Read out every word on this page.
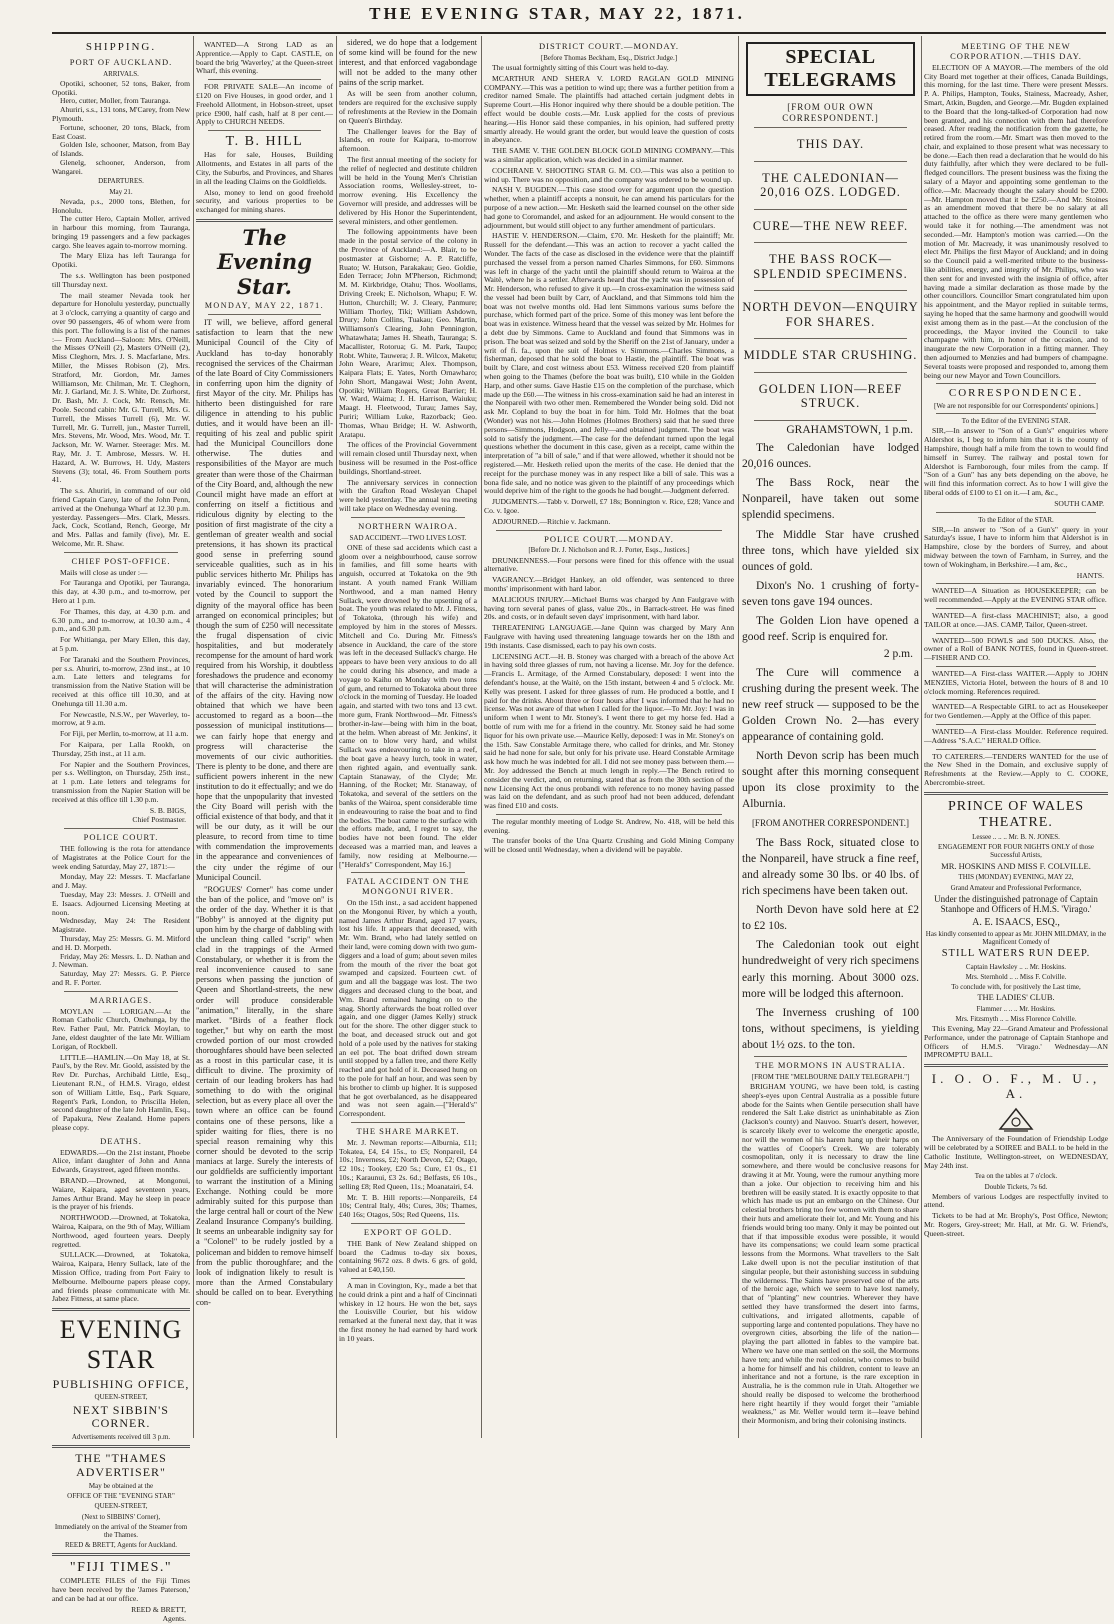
THE EVENING STAR, MAY 22, 1871.
SHIPPING.
PORT OF AUCKLAND.
ARRIVALS.

Opotiki, schooner, 52 tons, Baker, from Opotiki.

Hero, cutter, Moller, from Tauranga.

Ahuriri, s.s., 131 tons, M'Carey, from New Plymouth.

Fortune, schooner, 20 tons, Black, from East Coast.

Golden Isle, schooner, Matson, from Bay of Islands.

Glenelg, schooner, Anderson, from Wangarei.

DEPARTURES.
May 21.

Nevada, p.s., 2000 tons, Blethen, for Honolulu.

The cutter Hero, Captain Moller, arrived in harbour this morning, from Tauranga, bringing 19 passengers and a few packages cargo. She leaves again to-morrow morning.

The Mary Eliza has left Tauranga for Opotiki.

The s.s. Wellington has been postponed till Thursday next.

The mail steamer Nevada took her departure for Honolulu yesterday, punctually at 3 o'clock, carrying a quantity of cargo and over 90 passengers, 46 of whom were from this port. The following is a list of the names :— From Auckland—Saloon: Mrs. O'Neill, the Misses O'Neill (2), Masters O'Neill (2), Miss Cleghorn, Mrs. J. S. Macfarlane, Mrs. Miller, the Misses Robison (2), Mrs. Stratford, Mr. Gordon, Mr. James Williamson, Mr. Chilman, Mr. T. Cleghorn, Mr. J. Garland, Mr. J. S. White, Dr. Zurhorst, Dr. Bash, Mr. J. Cock, Mr. Rensch, Mr. Poole. Second cabin: Mr. G. Turrell, Mrs. G. Turrell, the Misses Turrell (6), Mr. W. Turrell, Mr. G. Turrell, jun., Master Turrell, Mrs. Stevens, Mr. Wood, Mrs. Wood, Mr. T. Jackson, Mr. W. Warner. Steerage: Mrs. M. Ray, Mr. J. T. Ambrose, Messrs. W. H. Hazard, A. W. Burrows, H. Udy, Masters Stevens (3); total, 46. From Southern ports 41.

The s.s. Ahuriri, in command of our old friend Captain Carey, late of the John Penn, arrived at the Onehunga Wharf at 12.30 p.m. yesterday. Passengers—Mrs. Clark, Messrs. Jack, Cock, Scotland, Rench, George, Mr and Mrs. Pallas and family (five), Mr. E. Welcome, Mr. R. Shaw.

CHIEF POST-OFFICE.

Mails will close as under :—

For Tauranga and Opotiki, per Tauranga, this day, at 4.30 p.m., and to-morrow, per Hero at 1 p.m.

For Thames, this day, at 4.30 p.m. and 6.30 p.m., and to-morrow, at 10.30 a.m., 4 p.m., and 6.30 p.m.

For Whitianga, per Mary Ellen, this day, at 5 p.m.

For Taranaki and the Southern Provinces, per s.s. Ahuriri, to-morrow, 23nd inst., at 10 a.m. Late letters and telegrams for transmission from the Native Station will be received at this office till 10.30, and at Onehunga till 11.30 a.m.

For Newcastle, N.S.W., per Waverley, to-morrow, at 9 a.m.

For Fiji, per Merlin, to-morrow, at 11 a.m.

For Kaipara, per Lalla Rookh, on Thursday, 25th inst., at 11 a.m.

For Napier and the Southern Provinces, per s.s. Wellington, on Thursday, 25th inst., at 1 p.m. Late letters and telegrams for transmission from the Napier Station will be received at this office till 1.30 p.m.

S. B. BIGS,
Chief Postmaster.
POLICE COURT.

THE following is the rota for attendance of Magistrates at the Police Court for the week ending Saturday, May 27, 1871:—

Monday, May 22: Messrs. T. Macfarlane and J. May.

Tuesday, May 23: Messrs. J. O'Neill and E. Isaacs. Adjourned Licensing Meeting at noon.

Wednesday, May 24: The Resident Magistrate.

Thursday, May 25: Messrs. G. M. Mitford and H. D. Morpeth.

Friday, May 26: Messrs. L. D. Nathan and J. Newman.

Saturday, May 27: Messrs. G. P. Pierce and R. F. Porter.

MARRIAGES.

MOYLAN — LORIGAN.—At the Roman Catholic Church, Onehunga, by the Rev. Father Paul, Mr. Patrick Moylan, to Jane, eldest daughter of the late Mr. William Lorigan, of Rockbell.

LITTLE—HAMLIN.—On May 18, at St. Paul's, by the Rev. Mr. Goold, assisted by the Rev Dr. Purchas, Archibald Little, Esq., Lieutenant R.N., of H.M.S. Virago, eldest son of William Little, Esq., Park Square, Regent's Park, London, to Priscilla Helen, second daughter of the late Joh Hamlin, Esq., of Papakura, New Zealand. Home papers please copy.

DEATHS.

EDWARDS.—On the 21st instant, Phoebe Alice, infant daughter of John and Anna Edwards, Graystreet, aged fifteen months.

BRAND.—Drowned, at Mongonui, Waiare, Kaipara, aged seventeen years, James Arthur Brand. May he sleep in peace is the prayer of his friends.

NORTHWOOD.—Drowned, at Tokatoka, Wairoa, Kaipara, on the 9th of May, William Northwood, aged fourteen years. Deeply regretted.

SULLACK.—Drowned, at Tokatoka, Wairoa, Kaipara, Henry Sullack, late of the Mission Office, trading from Port Fairy to Melbourne. Melbourne papers please copy, and friends please communicate with Mr. Jabez Fitness, at same place.

EVENING STAR
PUBLISHING OFFICE,
QUEEN-STREET,
NEXT SIBBIN'S CORNER.
Advertisements received till 3 p.m.
THE "THAMES ADVERTISER"
May be obtained at the
OFFICE OF THE "EVENING STAR"
QUEEN-STREET,
(Next to SIBBINS' Corner),
Immediately on the arrival of the Steamer from the Thames.
REED & BRETT, Agents for Auckland.
"FIJI TIMES."

COMPLETE FILES of the Fiji Times have been received by the 'James Paterson,' and can be had at our office.

REED & BRETT,
Agents.

WANTED—A Strong LAD as an Apprentice.—Apply to Capt. CASTLE, on board the brig 'Waverley,' at the Queen-street Wharf, this evening.

FOR PRIVATE SALE—An income of £120 on Five Houses, in good order, and 1 Freehold Allotment, in Hobson-street, upset price £900, half cash, half at 8 per cent.—Apply to CHURCH NEEDS.

T. B. HILL

Has for sale, Houses, Building Allotments, and Estates in all parts of the City, the Suburbs, and Provinces, and Shares in all the leading Claims on the Goldfields.

Also, money to lend on good freehold security, and various properties to be exchanged for mining shares.

The Evening Star.
MONDAY, MAY 22, 1871.

IT will, we believe, afford general satisfaction to learn that the new Municipal Council of the City of Auckland has to-day honorably recognised the services of the Chairman of the late Board of City Commissioners in conferring upon him the dignity of first Mayor of the city. Mr. Philips has hitherto been distinguished for rare diligence in attending to his public duties, and it would have been an ill-requiting of his zeal and public spirit had the Municipal Councillors done otherwise. The duties and responsibilities of the Mayor are much greater than were those of the Chairman of the City Board, and, although the new Council might have made an effort at conferring on itself a fictitious and ridiculous dignity by electing to the position of first magistrate of the city a gentleman of greater wealth and social pretensions, it has shown its practical good sense in preferring sound serviceable qualities, such as in his public services hitherto Mr. Philips has invariably evinced. The honorarium voted by the Council to support the dignity of the mayoral office has been arranged on economical principles; but though the sum of £250 will necessitate the frugal dispensation of civic hospitalities, and but moderately recompense for the amount of hard work required from his Worship, it doubtless foreshadows the prudence and economy that will characterise the administration of the affairs of the city. Having now obtained that which we have been accustomed to regard as a boon—the possession of municipal institutions—we can fairly hope that energy and progress will characterise the movements of our civic authorities. There is plenty to be done, and there are sufficient powers inherent in the new institution to do it effectually; and we do hope that the unpopularity that invested the City Board will perish with the official existence of that body, and that it will be our duty, as it will be our pleasure, to record from time to time with commendation the improvements in the appearance and conveniences of the city under the régime of our Municipal Council.

"ROGUES' Corner" has come under the ban of the police, and "move on" is the order of the day. Whether it is that "Bobby" is annoyed at the dignity put upon him by the charge of dabbling with the unclean thing called "scrip" when clad in the trappings of the Armed Constabulary, or whether it is from the real inconvenience caused to sane persons when passing the junction of Queen and Shortland-streets, the new order will produce considerable "animation," literally, in the share market. "Birds of a feather flock together," but why on earth the most crowded portion of our most crowded thoroughfares should have been selected as a roost in this particular case, it is difficult to divine. The proximity of certain of our leading brokers has had something to do with the original selection, but as every place all over the town where an office can be found contains one of these persons, like a spider waiting for flies, there is no special reason remaining why this corner should be devoted to the scrip maniacs at large. Surely the interests of our goldfields are sufficiently important to warrant the institution of a Mining Exchange. Nothing could be more admirably suited for this purpose than the large central hall or court of the New Zealand Insurance Company's building. It seems an unbearable indignity say for a "Colonel" to be rudely jostled by a policeman and bidden to remove himself from the public thoroughfare; and the look of indignation likely to result is more than the Armed Constabulary should be called on to bear. Everything con-

sidered, we do hope that a lodgement of some kind will be found for the new interest, and that enforced vagabondage will not be added to the many other pains of the scrip market.

As will be seen from another column, tenders are required for the exclusive supply of refreshments at the Review in the Domain on Queen's Birthday.

The Challenger leaves for the Bay of Islands, en route for Kaipara, to-morrow afternoon.

The first annual meeting of the society for the relief of neglected and destitute children will be held in the Young Men's Christian Association rooms, Wellesley-street, to-morrow evening. His Excellency the Governor will preside, and addresses will be delivered by His Honor the Superintendent, several ministers, and other gentlemen.

The following appointments have been made in the postal service of the colony in the Province of Auckland:—A. Blair, to be postmaster at Gisborne; A. P. Ratcliffe, Ruato; W. Hutson, Parakakau; Geo. Goldie, Eden Terrace; John M'Pherson, Richmond; M. M. Kirkbridge, Otahu; Thos. Woollams, Driving Creek; E. Nicholson, Whapu; F. W. Hutton, Churchill; W. J. Cleary, Panmure; William Thorley, Tiki; William Ashdown, Drury; John Collins, Tuakau; Geo. Martin, Williamson's Clearing, John Pennington, Whatawhata; James H. Sheath, Tauranga; S. Macallister, Rotorua; G. M. Park, Taupo; Robt. White, Tauwera; J. R. Wilcox, Maketu; John Weare, Ararimu; Alex. Thompson, Kaipara Flats; E. Yates, North Ornawharo; John Short, Mangawai West; John Avent, Opotiki; William Rogers, Great Barrier; H. W. Ward, Waima; J. H. Harrison, Waiuku; Maagt. H. Fleetwood, Turau; James Say, Puriri; William Luke, Razorback; Geo. Thomas, Whau Bridge; H. W. Ashworth, Aratapu.

The offices of the Provincial Government will remain closed until Thursday next, when business will be resumed in the Post-office buildings, Shortland-street.

The anniversary services in connection with the Grafton Road Wesleyan Chapel were held yesterday. The annual tea meeting will take place on Wednesday evening.

NORTHERN WAIROA.
SAD ACCIDENT.—TWO LIVES LOST.

ONE of these sad accidents which cast a gloom over a neighbourhood, cause sorrow in families, and fill some hearts with anguish, occurred at Tokatoka on the 9th instant. A youth named Frank William Northwood, and a man named Henry Sullack, were drowned by the upsetting of a boat. The youth was related to Mr. J. Fitness, of Tokatoka, (through his wife) and employed by him in the stores of Messrs. Mitchell and Co. During Mr. Fitness's absence in Auckland, the care of the store was left in the deceased Sullack's charge. He appears to have been very anxious to do all he could during his absence, and made a voyage to Kaihu on Monday with two tons of gum, and returned to Tokatoka about three o'clock in the morning of Tuesday. He loaded again, and started with two tons and 13 cwt. more gum, Frank Northwood—Mr. Fitness's brother-in-law—being with him in the boat, at the helm. When abreast of Mr. Jenkins', it came on to blow very hard, and whilst Sullack was endeavouring to take in a reef, the boat gave a heavy lurch, took in water, then righted again, and eventually sank. Captain Stanaway, of the Clyde; Mr. Hanning, of the Rocket; Mr. Stanaway, of Tokatoka, and several of the settlers on the banks of the Wairoa, spent considerable time in endeavouring to raise the boat and to find the bodies. The boat came to the surface with the efforts made, and, I regret to say, the bodies have not been found. The elder deceased was a married man, and leaves a family, now residing at Melbourne.—["Herald's" Correspondent, May 16.]

FATAL ACCIDENT ON THE MONGONUI RIVER.

On the 15th inst., a sad accident happened on the Mongonui River, by which a youth, named James Arthur Brand, aged 17 years, lost his life. It appears that deceased, with Mr. Wm. Brand, who had lately settled on their land, were coming down with two gum-diggers and a load of gum; about seven miles from the mouth of the river the boat got swamped and capsized. Fourteen cwt. of gum and all the baggage was lost. The two diggers and deceased clung to the boat, and Wm. Brand remained hanging on to the snag. Shortly afterwards the boat rolled over again, and one digger (James Kelly) struck out for the shore. The other digger stuck to the boat, and deceased struck out and got hold of a pole used by the natives for staking an eel pot. The boat drifted down stream until stopped by a fallen tree, and there Kelly reached and got hold of it. Deceased hung on to the pole for half an hour, and was seen by his brother to climb up higher. It is supposed that he got overbalanced, as he disappeared and was not seen again.—["Herald's" Correspondent.

THE SHARE MARKET.

Mr. J. Newman reports:—Alburnia, £11; Tokatea, £4, £4 15s., to £5; Nonpareil, £4 10s.; Inverness, £2; North Devon, £2; Otago, £2 10s.; Tookey, £20 5s.; Cure, £1 0s., £1 10s.; Karaunui, £3 2s. 6d.; Belfasts, £6 10s., selling £8; Red Queen, 11s.; Moanatairi, £4.

Mr. T. B. Hill reports:—Nonpareils, £4 10s; Central Italy, 40s; Cures, 30s; Thames, £40 16s; Otagos, 50s; Red Queens, 11s.

EXPORT OF GOLD.

THE Bank of New Zealand shipped on board the Cadmus to-day six boxes, containing 9672 ozs. 8 dwts. 6 grs. of gold, valued at £40,150.

A man in Covington, Ky., made a bet that he could drink a pint and a half of Cincinnati whiskey in 12 hours. He won the bet, says the Louisville Courier, but his widow remarked at the funeral next day, that it was the first money he had earned by hard work in 10 years.

DISTRICT COURT.—MONDAY.
[Before Thomas Beckham, Esq., District Judge.]

The usual fortnightly sitting of this Court was held to-day.

MCARTHUR AND SHERA V. LORD RAGLAN GOLD MINING COMPANY.—This was a petition to wind up; there was a further petition from a creditor named Smale. The plaintiffs had attached certain judgment debts in Supreme Court.—His Honor inquired why there should be a double petition. The effect would be double costs.—Mr. Lusk applied for the costs of previous hearing.—His Honor said these companies, in his opinion, had suffered pretty smartly already. He would grant the order, but would leave the question of costs in abeyance.

THE SAME V. THE GOLDEN BLOCK GOLD MINING COMPANY.—This was a similar application, which was decided in a similar manner.

COCHRANE V. SHOOTING STAR G. M. CO.—This was also a petition to wind up. There was no opposition, and the company was ordered to be wound up.

NASH V. BUGDEN.—This case stood over for argument upon the question whether, when a plaintiff accepts a nonsuit, he can amend his particulars for the purpose of a new action.—Mr. Hesketh said the learned counsel on the other side had gone to Coromandel, and asked for an adjournment. He would consent to the adjournment, but would still object to any further amendment of particulars.

HASTIE V. HENDERSON.—Claim, £70. Mr. Hesketh for the plaintiff; Mr. Russell for the defendant.—This was an action to recover a yacht called the Wonder. The facts of the case as disclosed in the evidence were that the plaintiff purchased the vessel from a person named Charles Simmons, for £60. Simmons was left in charge of the yacht until the plaintiff should return to Wairoa at the Waitè, where he is a settler. Afterwards heard that the yacht was in possession of Mr. Henderson, who refused to give it up.—In cross-examination the witness said the vessel had been built by Carr, of Auckland, and that Simmons told him the boat was not twelve months old. Had lent Simmons various sums before the purchase, which formed part of the price. Some of this money was lent before the boat was in existence. Witness heard that the vessel was seized by Mr. Holmes for a debt due by Simmons. Came to Auckland and found that Simmons was in prison. The boat was seized and sold by the Sheriff on the 21st of January, under a writ of fi. fa., upon the suit of Holmes v. Simmons.—Charles Simmons, a fisherman, deposed that he sold the boat to Hastie, the plaintiff. The boat was built by Clare, and cost witness about £53. Witness received £20 from plaintiff when going to the Thames (before the boat was built), £10 while in the Golden Harp, and other sums. Gave Hastie £15 on the completion of the purchase, which made up the £60.—The witness in his cross-examination said he had an interest in the Nonpareil with two other men. Remembered the Wonder being sold. Did not ask Mr. Copland to buy the boat in for him. Told Mr. Holmes that the boat (Wonder) was not his.—John Holmes (Holmes Brothers) said that he sued three persons—Simmons, Hodgson, and Jelly—and obtained judgment. The boat was sold to satisfy the judgment.—The case for the defendant turned upon the legal questions whether the document in this case, given as a receipt, came within the interpretation of "a bill of sale," and if that were allowed, whether it should not be registered.—Mr. Hesketh relied upon the merits of the case. He denied that the receipt for the purchase money was in any respect like a bill of sale. This was a bona fide sale, and no notice was given to the plaintiff of any proceedings which would deprive him of the right to the goods he had bought.—Judgment deferred.

JUDGMENTS.—Tabb v. Dorwell, £7 18s; Bonnington v. Rice, £28; Vance and Co. v. Igoe.

ADJOURNED.—Ritchie v. Jackmann.

POLICE COURT.—MONDAY.
[Before Dr. J. Nicholson and R. J. Porter, Esqs., Justices.]

DRUNKENNESS.—Four persons were fined for this offence with the usual alternative.

VAGRANCY.—Bridget Hankey, an old offender, was sentenced to three months' imprisonment with hard labor.

MALICIOUS INJURY.—Michael Burns was charged by Ann Faulgrave with having torn several panes of glass, value 20s., in Barrack-street. He was fined 20s. and costs, or in default seven days' imprisonment, with hard labor.

THREATENING LANGUAGE.—Jane Quinn was charged by Mary Ann Faulgrave with having used threatening language towards her on the 18th and 19th instants. Case dismissed, each to pay his own costs.

LICENSING ACT.—H. B. Stoney was charged with a breach of the above Act in having sold three glasses of rum, not having a license. Mr. Joy for the defence.—Francis L. Armitage, of the Armed Constabulary, deposed: I went into the defendant's house, at the Waitè, on the 15th instant, between 4 and 5 o'clock. Mr. Kelly was present. I asked for three glasses of rum. He produced a bottle, and I paid for the drinks. About three or four hours after I was informed that he had no license. Was not aware of that when I called for the liquor.—To Mr. Joy: I was in uniform when I went to Mr. Stoney's. I went there to get my horse fed. Had a bottle of rum with me for a friend in the country. Mr. Stoney said he had some liquor for his own private use.—Maurice Kelly, deposed: I was in Mr. Stoney's on the 15th. Saw Constable Armitage there, who called for drinks, and Mr. Stoney said he had none for sale, but only for his private use. Heard Constable Armitage ask how much he was indebted for all. I did not see money pass between them.—Mr. Joy addressed the Bench at much length in reply.—The Bench retired to consider the verdict, and, on returning, stated that as from the 30th section of the new Licensing Act the onus probandi with reference to no money having passed was laid on the defendant, and as such proof had not been adduced, defendant was fined £10 and costs.

The regular monthly meeting of Lodge St. Andrew, No. 418, will be held this evening.

The transfer books of the Una Quartz Crushing and Gold Mining Company will be closed until Wednesday, when a dividend will be payable.

SPECIAL TELEGRAMS
[FROM OUR OWN CORRESPONDENT.]
THIS DAY.
THE CALEDONIAN—20,016 OZS. LODGED.
CURE—THE NEW REEF.
THE BASS ROCK—SPLENDID SPECIMENS.
NORTH DEVON—ENQUIRY FOR SHARES.
MIDDLE STAR CRUSHING.
GOLDEN LION—REEF STRUCK.
GRAHAMSTOWN, 1 p.m.

The Caledonian have lodged 20,016 ounces.

The Bass Rock, near the Nonpareil, have taken out some splendid specimens.

The Middle Star have crushed three tons, which have yielded six ounces of gold.

Dixon's No. 1 crushing of forty-seven tons gave 194 ounces.

The Golden Lion have opened a good reef. Scrip is enquired for.

2 p.m.

The Cure will commence a crushing during the present week. The new reef struck — supposed to be the Golden Crown No. 2—has every appearance of containing gold.

North Devon scrip has been much sought after this morning consequent upon its close proximity to the Alburnia.

[FROM ANOTHER CORRESPONDENT.]

The Bass Rock, situated close to the Nonpareil, have struck a fine reef, and already some 30 lbs. or 40 lbs. of rich specimens have been taken out.

North Devon have sold here at £2 to £2 10s.

The Caledonian took out eight hundredweight of very rich specimens early this morning. About 3000 ozs. more will be lodged this afternoon.

The Inverness crushing of 100 tons, without specimens, is yielding about 1½ ozs. to the ton.

THE MORMONS IN AUSTRALIA.
[FROM THE "MELBOURNE DAILY TELEGRAPH."]

BRIGHAM YOUNG, we have been told, is casting sheep's-eyes upon Central Australia as a possible future abode for the Saints when Gentile persecution shall have rendered the Salt Lake district as uninhabitable as Zion (Jackson's county) and Nauvoo. Stuart's desert, however, is scarcely likely ever to welcome the energetic apostle, nor will the women of his harem hang up their harps on the wattles of Cooper's Creek. We are tolerably cosmopolitan, only it is necessary to draw the line somewhere, and there would be conclusive reasons for drawing it at Mr. Young, were the rumour anything more than a joke. Our objection to receiving him and his brethren will be easily stated. It is exactly opposite to that which has made us put an embargo on the Chinese. Our celestial brothers bring too few women with them to share their huts and ameliorate their lot, and Mr. Young and his friends would bring too many. Only it may be pointed out that if that impossible exodus were possible, it would have its compensations; we could learn some practical lessons from the Mormons. What travellers to the Salt Lake dwell upon is not the peculiar institution of that singular people, but their astonishing success in subduing the wilderness. The Saints have preserved one of the arts of the heroic age, which we seem to have lost namely, that of "planting" new countries. Wherever they have settled they have transformed the desert into farms, cultivations, and irrigated allotments, capable of supporting large and contented populations. They have no overgrown cities, absorbing the life of the nation—playing the part allotted in fables to the vampire bat. Where we have one man settled on the soil, the Mormons have ten; and while the real colonist, who comes to build a home for himself and his children, content to leave an inheritance and not a fortune, is the rare exception in Australia, he is the common rule in Utah. Altogether we should really be disposed to welcome the brotherhood here right heartily if they would forget their "amiable weakness," as Mr. Weller would term it—leave behind their Mormonism, and bring their colonising instincts.

MEETING OF THE NEW CORPORATION.—THIS DAY.

ELECTION OF A MAYOR.—The members of the old City Board met together at their offices, Canada Buildings, this morning, for the last time. There were present Messrs. P. A. Philips, Hampton, Touks, Stainess, Macready, Asher, Smart, Atkin, Bugden, and George.—Mr. Bugden explained to the Board that the long-talked-of Corporation had now been granted, and his connection with them had therefore ceased. After reading the notification from the gazette, he retired from the room.—Mr. Smart was then moved to the chair, and explained to those present what was necessary to be done.—Each then read a declaration that he would do his duty faithfully, after which they were declared to be full-fledged councillors. The present business was the fixing the salary of a Mayor and appointing some gentleman to the office.—Mr. Macready thought the salary should be £200.—Mr. Hampton moved that it be £250.—And Mr. Stoines as an amendment moved that there be no salary at all attached to the office as there were many gentlemen who would take it for nothing.—The amendment was not seconded.—Mr. Hampton's motion was carried.—On the motion of Mr. Macready, it was unanimously resolved to elect Mr. Philips the first Mayor of Auckland; and in doing so the Council paid a well-merited tribute to the business-like abilities, energy, and integrity of Mr. Philips, who was then sent for and invested with the insignia of office, after having made a similar declaration as those made by the other councillors. Councillor Smart congratulated him upon his appointment, and the Mayor replied in suitable terms, saying he hoped that the same harmony and goodwill would exist among them as in the past.—At the conclusion of the proceedings, the Mayor invited the Council to take champagne with him, in honor of the occasion, and to inaugurate the new Corporation in a fitting manner. They then adjourned to Menzies and had bumpers of champagne. Several toasts were proposed and responded to, among them being our new Mayor and Town Councillors.

CORRESPONDENCE.
[We are not responsible for our Correspondents' opinions.]
To the Editor of the EVENING STAR.

SIR,—In answer to "Son of a Gun's" enquiries where Aldershot is, I beg to inform him that it is the county of Hampshire, though half a mile from the town to would find himself in Surrey. The railway and postal town for Aldershot is Farnborough, four miles from the camp. If "Son of a Gun" has any bets depending on the above, he will find this information correct. As to how I will give the liberal odds of £100 to £1 on it.—I am, &c.,

SOUTH CAMP.
To the Editor of the STAR.

SIR,—In answer to "Son of a Gun's" query in your Saturday's issue, I have to inform him that Aldershot is in Hampshire, close by the borders of Surrey, and about midway between the town of Farnham, in Surrey, and the town of Wokingham, in Berkshire.—I am, &c.,

HANTS.

WANTED—A Situation as HOUSEKEEPER; can be well recommended.—Apply at the EVENING STAR office.

WANTED—A first-class MACHINIST; also, a good TAILOR at once.—JAS. CAMP, Tailor, Queen-street.

WANTED—500 FOWLS and 500 DUCKS. Also, the owner of a Roll of BANK NOTES, found in Queen-street.—FISHER AND CO.

WANTED—A First-class WAITER.—Apply to JOHN MENZIES, Victoria Hotel, between the hours of 8 and 10 o'clock morning. References required.

WANTED—A Respectable GIRL to act as Housekeeper for two Gentlemen.—Apply at the Office of this paper.

WANTED—A First-class Moulder. Reference required.—Address "S.A.C." HERALD Office.

TO CATERERS.—TENDERS WANTED for the use of the New Shed in the Domain, and exclusive supply of Refreshments at the Review.—Apply to C. COOKE, Abercrombie-street.

PRINCE OF WALES THEATRE.
Lessee .. .. .. Mr. B. N. JONES.
ENGAGEMENT FOR FOUR NIGHTS ONLY of those Successful Artists,
MR. HOSKINS AND MISS F. COLVILLE.
THIS (MONDAY) EVENING, MAY 22,
Grand Amateur and Professional Performance,
Under the distinguished patronage of Captain Stanhope and Officers of H.M.S. 'Virago.'
A. E. ISAACS, ESQ.,
Has kindly consented to appear as Mr. JOHN MILDMAY, in the Magnificent Comedy of
STILL WATERS RUN DEEP.
Captain Hawksley .. .. Mr. Hoskins.
Mrs. Sternhold .. .. Miss F. Colville.
To conclude with, for positively the Last time,
THE LADIES' CLUB.
Flammer .. .. .. Mr. Hoskins.
Mrs. Fitzsmyth .. .. Miss Florence Colville.

This Evening, May 22—Grand Amateur and Professional Performance, under the patronage of Captain Stanhope and Officers of H.M.S. 'Virago.' Wednesday—AN IMPROMPTU BALL.

I. O. O. F., M. U., A.

The Anniversary of the Foundation of Friendship Lodge will be celebrated by a SOIREE and BALL to be held in the Catholic Institute, Wellington-street, on WEDNESDAY, May 24th inst.

Tea on the tables at 7 o'clock.
Double Tickets, 7s 6d.

Members of various Lodges are respectfully invited to attend.

Tickets to be had at Mr. Brophy's, Post Office, Newton; Mr. Rogers, Grey-street; Mr. Hall, at Mr. G. W. Friend's, Queen-street.
